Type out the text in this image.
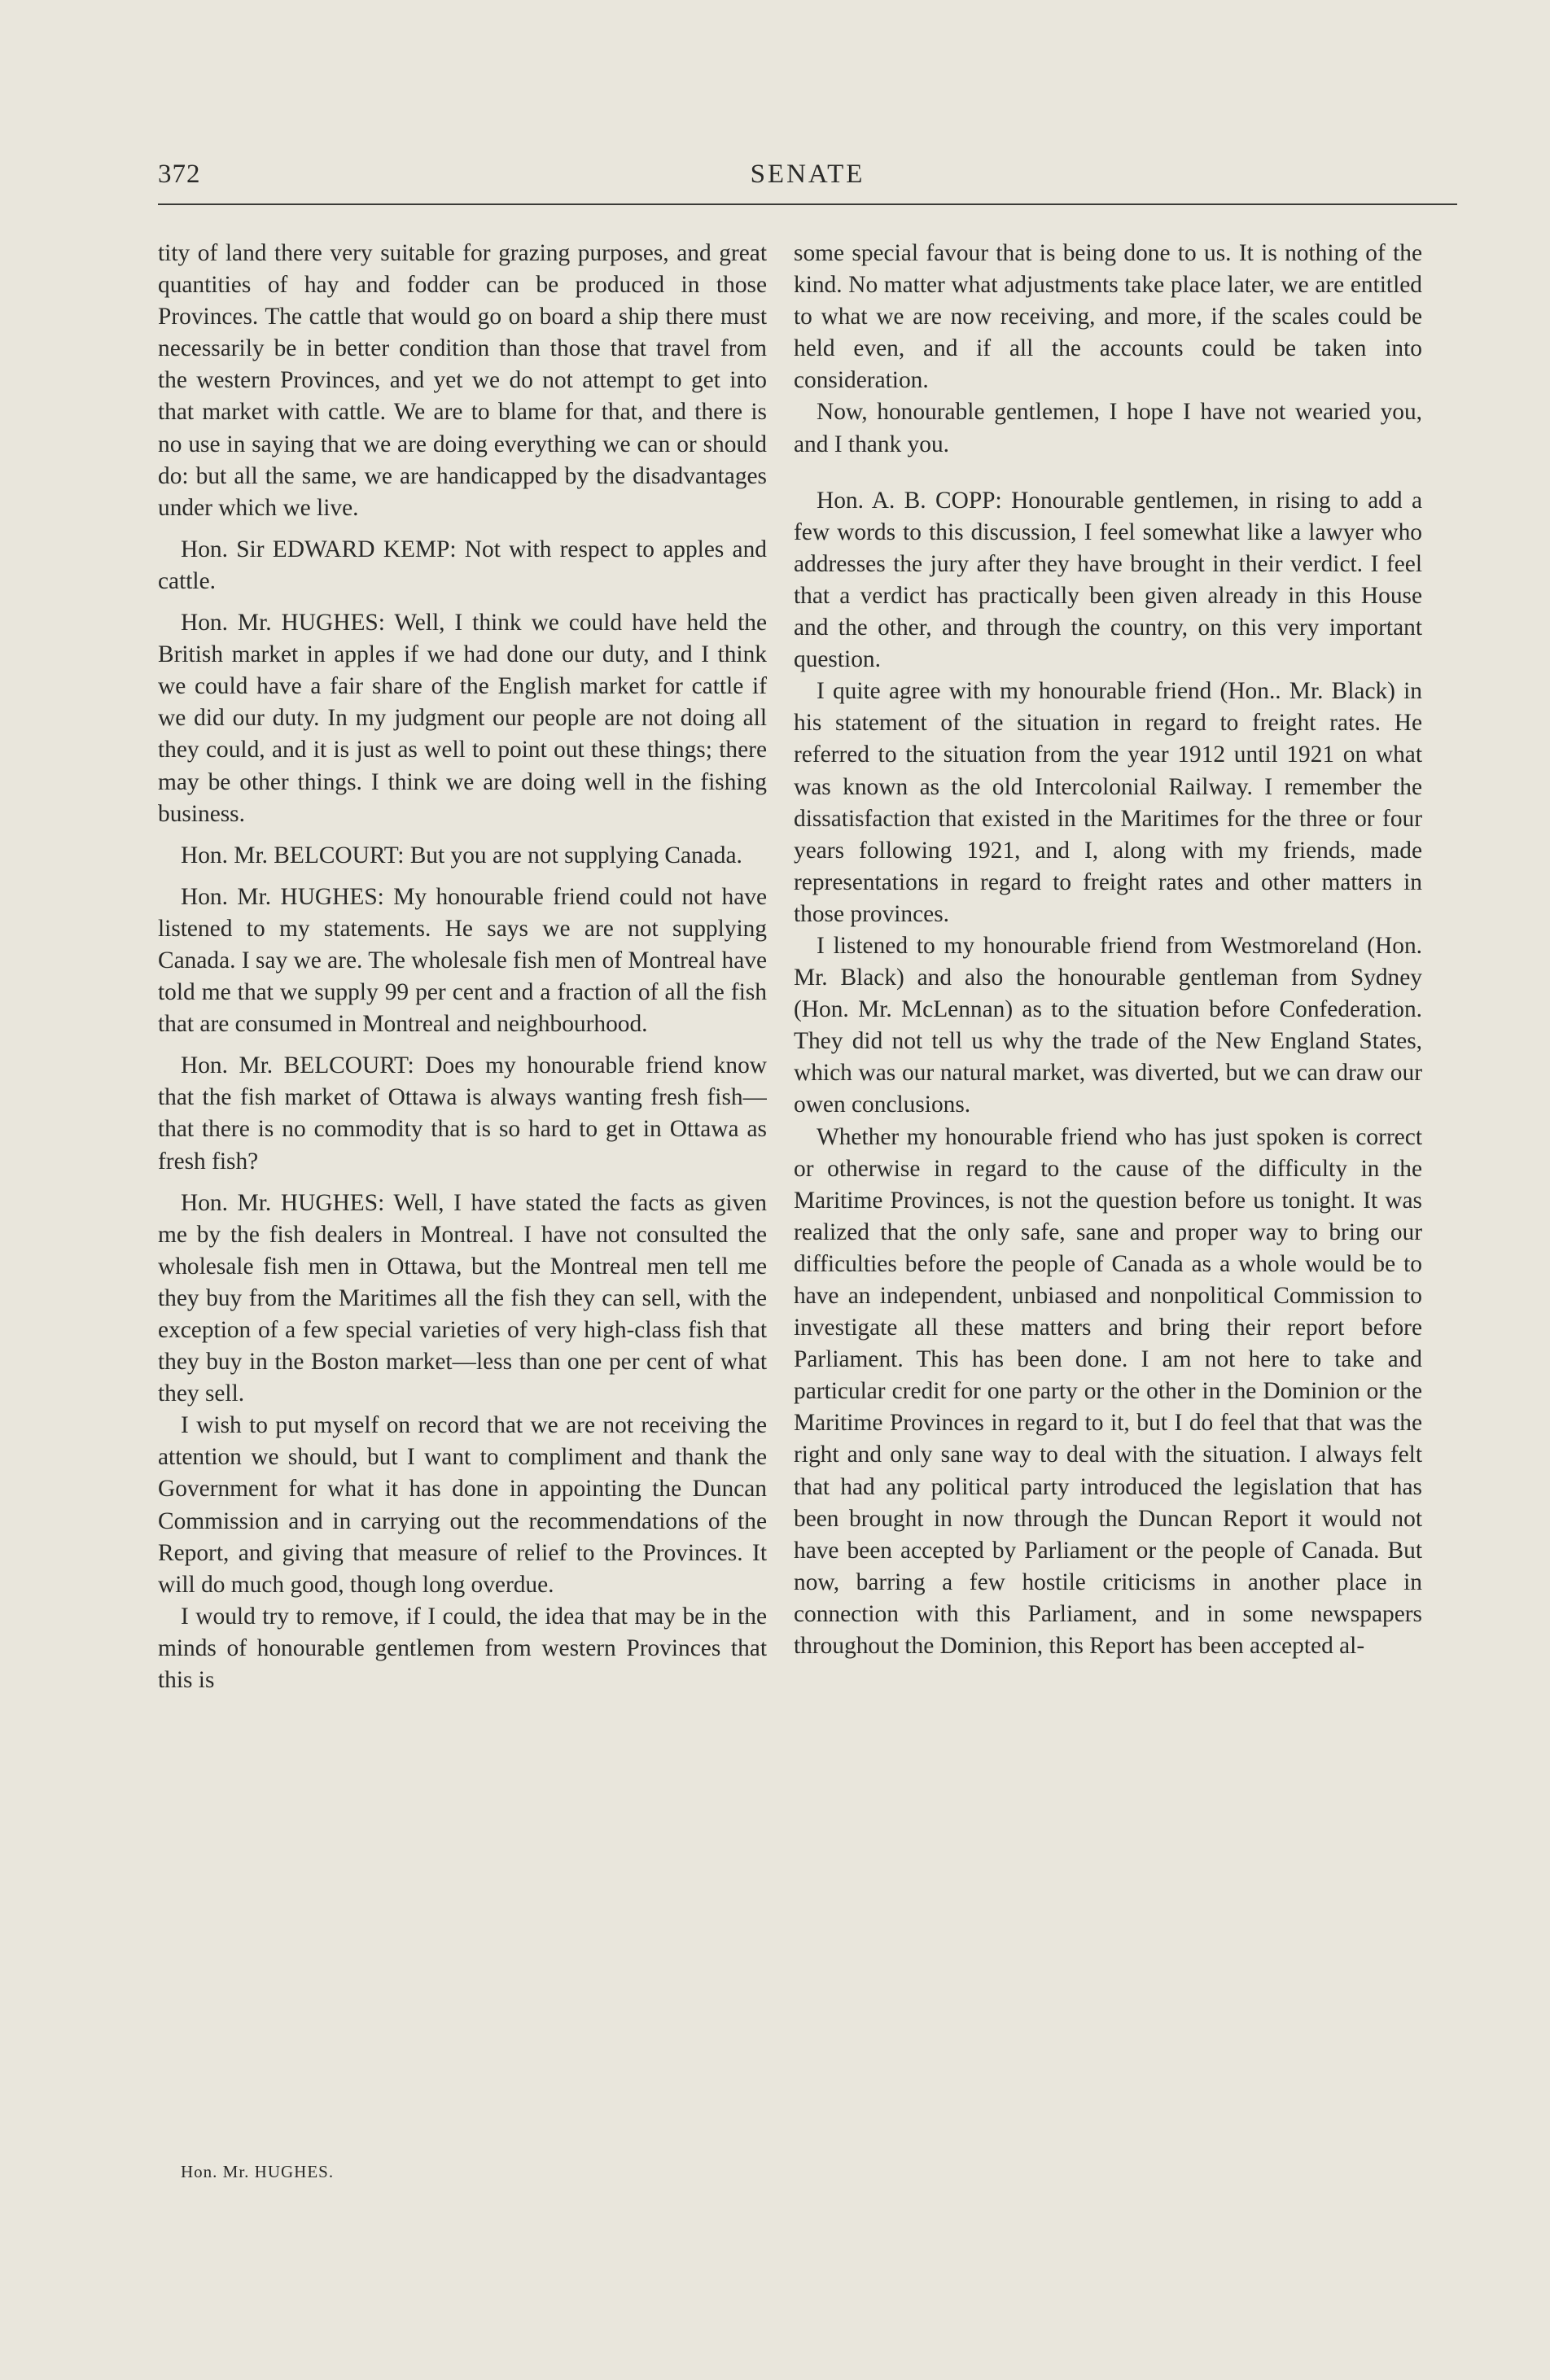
372	SENATE

tity of land there very suitable for grazing purposes, and great quantities of hay and fodder can be produced in those Provinces. The cattle that would go on board a ship there must necessarily be in better condition than those that travel from the western Provinces, and yet we do not attempt to get into that market with cattle. We are to blame for that, and there is no use in saying that we are doing everything we can or should do: but all the same, we are handicapped by the disadvantages under which we live.

Hon. Sir EDWARD KEMP: Not with respect to apples and cattle.

Hon. Mr. HUGHES: Well, I think we could have held the British market in apples if we had done our duty, and I think we could have a fair share of the English market for cattle if we did our duty. In my judgment our people are not doing all they could, and it is just as well to point out these things; there may be other things. I think we are doing well in the fishing business.

Hon. Mr. BELCOURT: But you are not supplying Canada.

Hon. Mr. HUGHES: My honourable friend could not have listened to my statements. He says we are not supplying Canada. I say we are. The wholesale fish men of Montreal have told me that we supply 99 per cent and a fraction of all the fish that are consumed in Montreal and neighbourhood.

Hon. Mr. BELCOURT: Does my honourable friend know that the fish market of Ottawa is always wanting fresh fish—that there is no commodity that is so hard to get in Ottawa as fresh fish?

Hon. Mr. HUGHES: Well, I have stated the facts as given me by the fish dealers in Montreal. I have not consulted the wholesale fish men in Ottawa, but the Montreal men tell me they buy from the Maritimes all the fish they can sell, with the exception of a few special varieties of very high-class fish that they buy in the Boston market—less than one per cent of what they sell.

I wish to put myself on record that we are not receiving the attention we should, but I want to compliment and thank the Government for what it has done in appointing the Duncan Commission and in carrying out the recommendations of the Report, and giving that measure of relief to the Provinces. It will do much good, though long overdue.

I would try to remove, if I could, the idea that may be in the minds of honourable gentlemen from western Provinces that this is

some special favour that is being done to us. It is nothing of the kind. No matter what adjustments take place later, we are entitled to what we are now receiving, and more, if the scales could be held even, and if all the accounts could be taken into consideration.

Now, honourable gentlemen, I hope I have not wearied you, and I thank you.

Hon. A. B. COPP: Honourable gentlemen, in rising to add a few words to this discussion, I feel somewhat like a lawyer who addresses the jury after they have brought in their verdict. I feel that a verdict has practically been given already in this House and the other, and through the country, on this very important question.

I quite agree with my honourable friend (Hon.. Mr. Black) in his statement of the situation in regard to freight rates. He referred to the situation from the year 1912 until 1921 on what was known as the old Intercolonial Railway. I remember the dissatisfaction that existed in the Maritimes for the three or four years following 1921, and I, along with my friends, made representations in regard to freight rates and other matters in those provinces.

I listened to my honourable friend from Westmoreland (Hon. Mr. Black) and also the honourable gentleman from Sydney (Hon. Mr. McLennan) as to the situation before Confederation. They did not tell us why the trade of the New England States, which was our natural market, was diverted, but we can draw our owen conclusions.

Whether my honourable friend who has just spoken is correct or otherwise in regard to the cause of the difficulty in the Maritime Provinces, is not the question before us tonight. It was realized that the only safe, sane and proper way to bring our difficulties before the people of Canada as a whole would be to have an independent, unbiased and nonpolitical Commission to investigate all these matters and bring their report before Parliament. This has been done. I am not here to take and particular credit for one party or the other in the Dominion or the Maritime Provinces in regard to it, but I do feel that that was the right and only sane way to deal with the situation. I always felt that had any political party introduced the legislation that has been brought in now through the Duncan Report it would not have been accepted by Parliament or the people of Canada. But now, barring a few hostile criticisms in another place in connection with this Parliament, and in some newspapers throughout the Dominion, this Report has been accepted al-

Hon. Mr. HUGHES.
